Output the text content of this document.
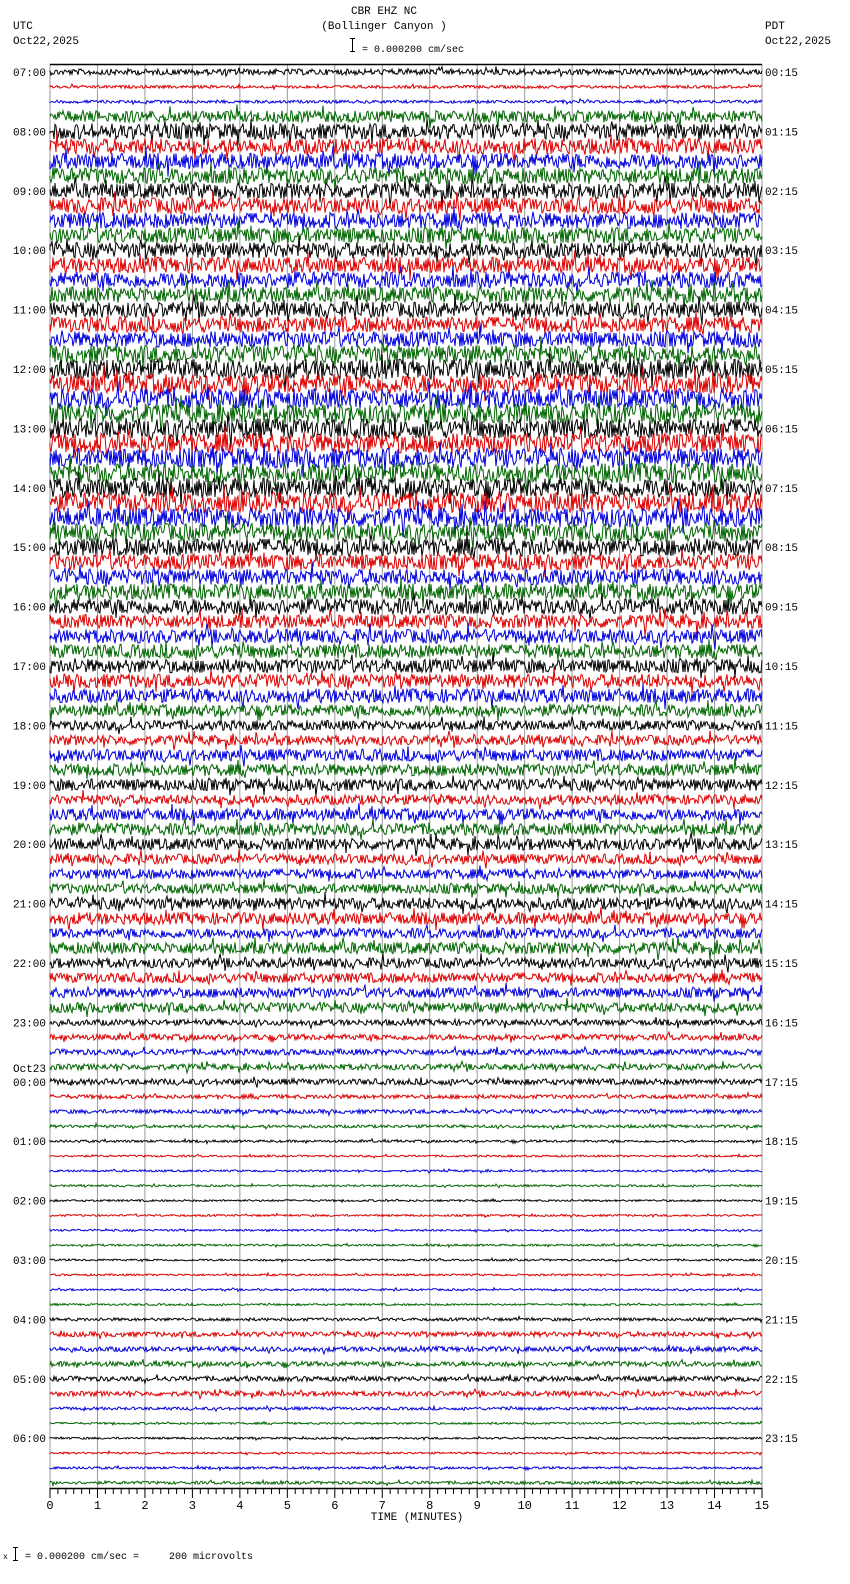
CBR EHZ NC
(Bollinger Canyon )
UTC
Oct22,2025
PDT
Oct22,2025
= 0.000200 cm/sec
07:00	00:15
08:00	01:15
09:00	02:15
10:00	03:15
11:00	04:15
12:00	05:15
13:00	06:15
14:00	07:15
15:00	08:15
16:00	09:15
17:00	10:15
18:00	11:15
19:00	12:15
20:00	13:15
21:00	14:15
22:00	15:15
23:00	16:15
00:00	17:15
01:00	18:15
02:00	19:15
03:00	20:15
04:00	21:15
05:00	22:15
06:00	23:15
Oct23
0	1	2	3	4	5	6	7	8	9	10	11	12	13	14	15
TIME (MINUTES)
x = 0.000200 cm/sec =     200 microvolts
